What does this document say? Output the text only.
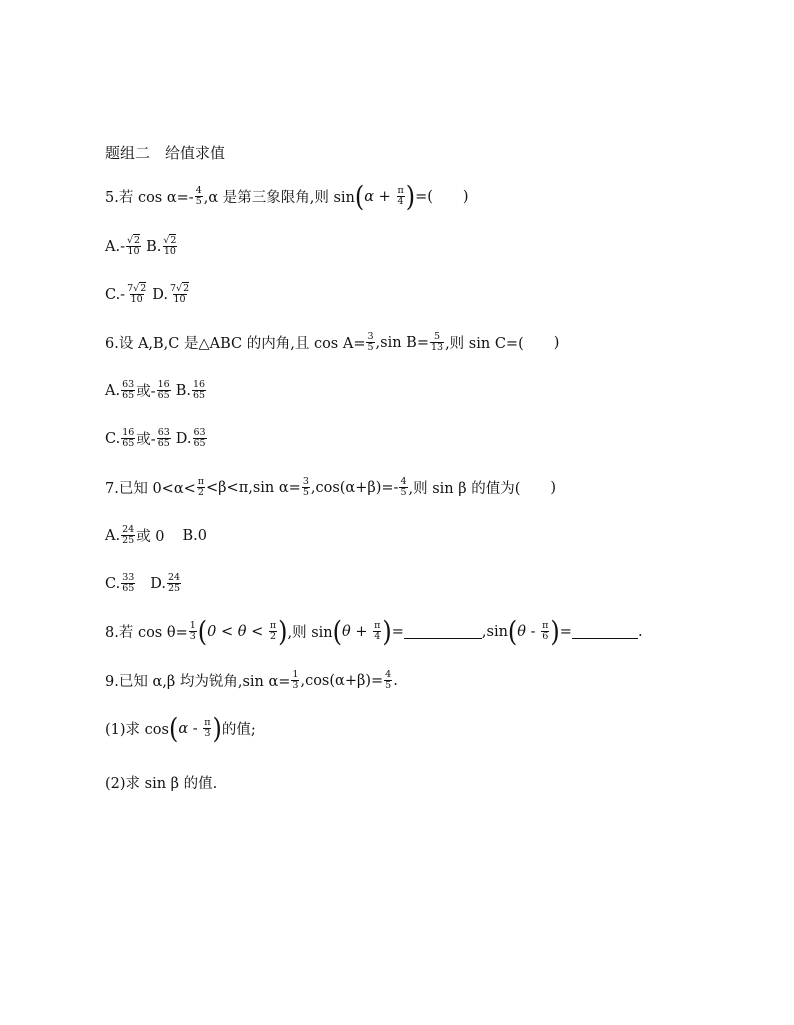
题组二　给值求值
5.若 $\cos \alpha=- \frac{4}{5} ,\alpha$ 是第三象限角,则 sin ( $\alpha + \frac{\pi}{4}$ ) =( )
$A.- \frac{√2}{10} B$. $\frac{√2}{10}$
$C.- \frac{7√2}{10} D$. $\frac{7√2}{10}$
6.设 A,B,C 是△ABC 的内角,且 $\cos A= \frac{3}{5} ,\sin$ $B= \frac{5}{13}$ ,则 sin C=( )
A. $\frac{63}{65}$ 或- $\frac{16}{65} B$. $\frac{16}{65}$
C. $\frac{16}{65}$ 或- $\frac{63}{65} D$. $\frac{63}{65}$
7.已知 $0<\alpha< \frac{\pi}{2} <\beta<\pi,\sin$ $\alpha= \frac{3}{5} ,\cos(\alpha+\beta)=- \frac{4}{5}$ ,则 sin β 的值为( )
A. $\frac{24}{25}$ 或 0 B.0
C. $\frac{33}{65} D$. $\frac{24}{25}$
8.若 $\cos \theta= \frac{1}{3}$ ( $0 < \theta < \frac{\pi}{2}$ ) ,则 sin ( $\theta + \frac{\pi}{4}$ ) =	,sin ( θ - $\frac{\pi}{6}$ ) =	.
9.已知 α,β 均为锐角,sin $\alpha= \frac{1}{3} ,\cos(\alpha+\beta)= \frac{4}{5}$ .
(1)求 cos ( α - $\frac{\pi}{3}$ ) 的值;
(2)求 sin β 的值.
